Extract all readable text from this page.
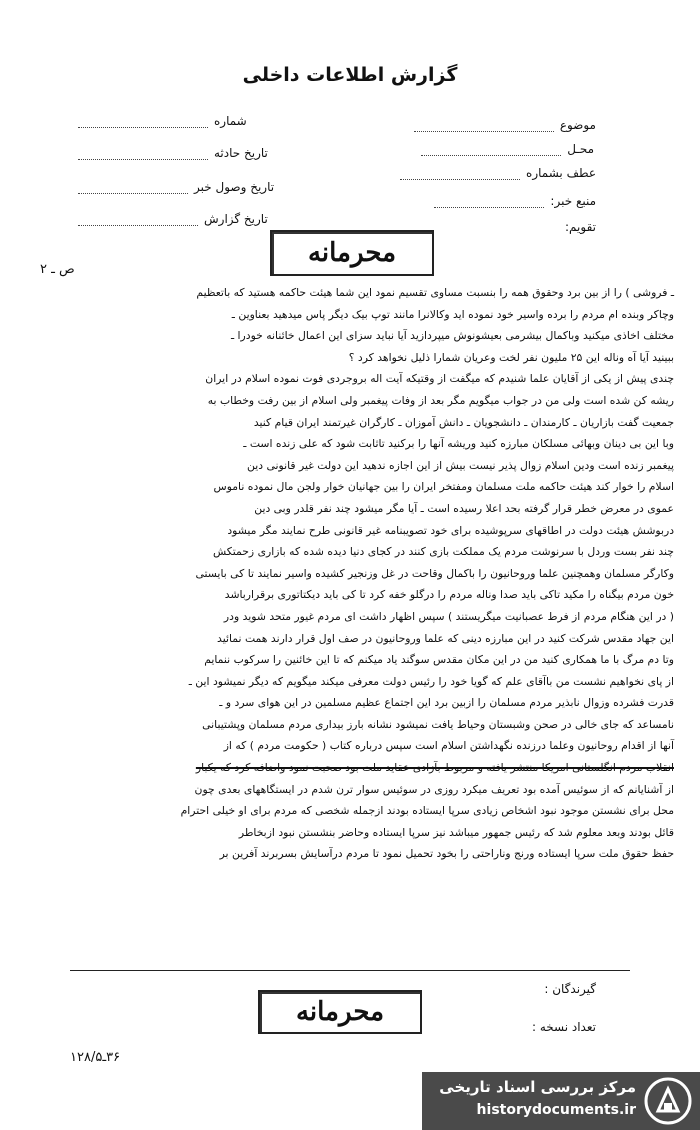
گزارش اطلاعات داخلی
موضوع
محـل
عطف بشماره
منبع خبر:
تقویم:
شماره
تاریخ حادثه
تاریخ وصول خبر
تاریخ گزارش
محرمانه
ص ـ ۲

ـ فروشی ) را از بین برد وحقوق همه را بنسبت مساوی تقسیم نمود این شما هیئت حاکمه هستید که باتعظیم

وچاکر وبنده ام مردم را برده واسیر خود نموده اید وکالانرا مانند توپ بیک دیگر پاس میدهید بعناوین ـ

مختلف اخاذی میکنید وباکمال بیشرمی بعیشونوش میپردازید آیا نباید سزای این اعمال خائنانه خودرا ـ

ببینید آیا آه وناله این ۲۵ ملیون نفر لخت وعریان شمارا ذلیل نخواهد کرد ؟

چندی پیش از یکی از آقایان علما شنیدم که میگفت از وقتیکه آیت اله بروجردی فوت نموده اسلام در ایران

ریشه کن شده است ولی من در جواب میگویم مگر بعد از وفات پیغمبر ولی اسلام از بین رفت وخطاب به

جمعیت گفت بازاریان ـ کارمندان ـ دانشجویان ـ دانش آموزان ـ کارگران غیرتمند ایران قیام کنید

وبا این بی دینان وبهائی مسلکان مبارزه کنید وریشه آنها را برکنید تاثابت شود که علی زنده است ـ

پیغمبر زنده است ودین اسلام زوال پذیر نیست بیش از این اجازه ندهید این دولت غیر قانونی دین

اسلام را خوار کند هیئت حاکمه ملت مسلمان ومفتخر ایران را بین جهانیان خوار ولجن مال نموده ناموس

عموی در معرض خطر قرار گرفته بحد اعلا رسیده است ـ آیا مگر میشود چند نفر قلدر وبی دین

دربوشش هیئت دولت در اطاقهای سرپوشیده برای خود تصویبنامه غیر قانونی طرح نمایند مگر میشود

چند نفر بست وردل با سرنوشت مردم یک مملکت بازی کنند در کجای دنیا دیده شده که بازاری زحمتکش

وکارگر مسلمان وهمچنین علما وروحانیون را باکمال وقاحت در غل وزنجیر کشیده واسیر نمایند تا کی بایستی

خون مردم بیگناه را مکید تاکی باید صدا وناله مردم را درگلو خفه کرد تا کی باید دیکتاتوری برقرارباشد

( در این هنگام مردم از فرط عصبانیت میگریستند ) سپس اظهار داشت ای مردم غیور متحد شوید ودر

این جهاد مقدس شرکت کنید در این مبارزه دینی که علما وروحانیون در صف اول قرار دارند همت نمائید

وتا دم مرگ با ما همکاری کنید من در این مکان مقدس سوگند یاد میکنم که تا این خائنین را سرکوب ننمایم

از پای نخواهیم نشست من باآقای علم که گویا خود را رئیس دولت معرفی میکند میگویم که دیگر نمیشود این ـ

قدرت فشرده وزوال نابذیر مردم مسلمان را ازبین برد این اجتماع عظیم مسلمین در این هوای سرد و ـ

نامساعد که جای خالی در صحن وشبستان وحیاط یافت نمیشود نشانه بارز بیداری مردم مسلمان وپشتیبانی

آنها از اقدام روحانیون وعلما درزنده نگهداشتن اسلام است سپس درباره کتاب ( حکومت مردم ) که از

انقلاب مردم انگلستانی امریکا منتشر یافته و مربوط بآزادی عقاید ملت بود صحبت نمود واضافه کرد که یکبار

از آشنایانم که از سوئیس آمده بود تعریف میکرد روزی در سوئیس سوار ترن شدم در ایستگاههای بعدی چون

محل برای نشستن موجود نبود اشخاص زیادی سرپا ایستاده بودند ازجمله شخصی که مردم برای او خیلی احترام

قائل بودند وبعد معلوم شد که رئیس جمهور میباشد نیز سرپا ایستاده وحاضر بنشستن نبود ازبخاطر

حفظ حقوق ملت سرپا ایستاده ورنج وناراحتی را بخود تحمیل نمود تا مردم درآسایش بسربرند آفرین بر

گیرندگان :
تعداد نسخه :
محرمانه
۳۶ـ۱۲۸/۵
مرکز بررسی اسناد تاریخی
historydocuments.ir
